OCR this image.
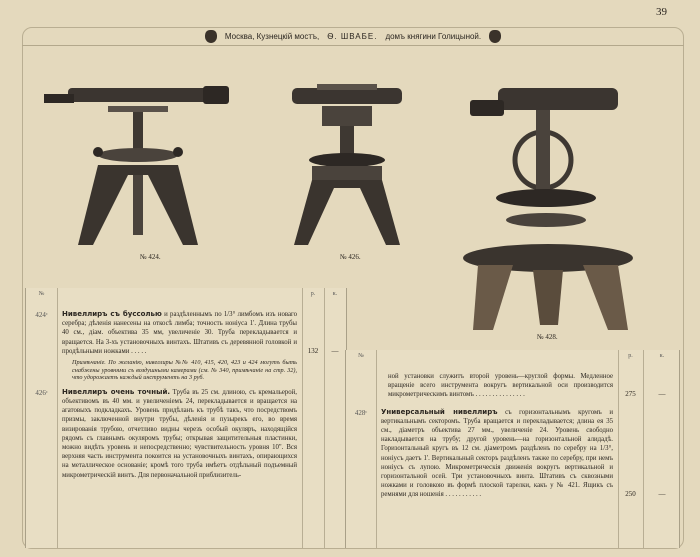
39
Москва, Кузнецкій мостъ, Ѳ. ШВАБЕ. домъ княгини Голицыной.
№ 424.	№ 426.
№ 428.
№	р.	к.
424ᶜ	Нивеллиръ съ буссолью и раздѣленнымъ по 1/3° лимбомъ изъ новаго серебра; дѣленія нанесены на откосѣ лимба; точность нoніуса 1'. Длина трубы 40 см., діам. объектива 35 мм, увеличеніе 30. Труба перекладывается и вращается. На 3-хъ установочныхъ винтахъ. Штативъ съ деревянной головкой и продѣльными ножками . . . . .	132	—
Примѣчаніе. По желанію, нивеллиры №№ 410, 415, 420, 423 и 424 могутъ быть снабжены уровнями съ воздушными камерами (см. № 340, примѣчаніе на стр. 32), что удорожаетъ каждый инструментъ на 3 руб.
426ᶜ	Нивеллиръ очень точный. Труба въ 25 см. длиною, съ кремальерой, объективомъ въ 40 мм. и увеличеніемъ 24, перекладывается и вращается на агатовыхъ подкладкахъ. Уровень придѣланъ къ трубѣ такъ, что посредствомъ призмы, заключенной внутри трубы, дѣленія и пузырекъ его, во время визированія трубою, отчетливо видны черезъ особый окуляръ, находящійся рядомъ съ главнымъ окуляромъ трубы; открывая защитительныя пластинки, можно видѣть уровень и непосредственно; чувствительность уровня 10". Вся верхняя часть инструмента покоится на установочныхъ винтахъ, опирающихся на металлическое основаніе; кромѣ того труба имѣетъ отдѣльный подъемный микрометрическій винтъ. Для первоначальной приблизитель-
№	р.	к.
ной установки служитъ второй уровень—круглой формы. Медленное вращеніе всего инструмента вокругъ вертикальной оси производится микрометрическимъ винтомъ . . . . . . . . . . . . . . .	275	—
428ᶜ	Универсальный нивеллиръ съ горизонтальнымъ кругомъ и вертикальнымъ секторомъ. Труба вращается и перекладывается; длина ея 35 см., діаметръ объектива 27 мм., увеличеніе 24. Уровень свободно накладывается на трубу; другой уровень—на горизонтальной алидадѣ. Горизонтальный кругъ въ 12 см. діаметромъ раздѣленъ по серебру на 1/3°, нoніусъ даетъ 1'. Вертикальный секторъ раздѣленъ также по серебру, при немъ нoніусъ съ лупою. Микрометрическія движенія вокругъ вертикальной и горизонтальной осей. Три установочныхъ винта. Штативъ съ сквозными ножками и головкою въ формѣ плоской тарелки, какъ у № 421. Ящикъ съ ремнями для ношенія . . . . . . . . . . .	250	—
